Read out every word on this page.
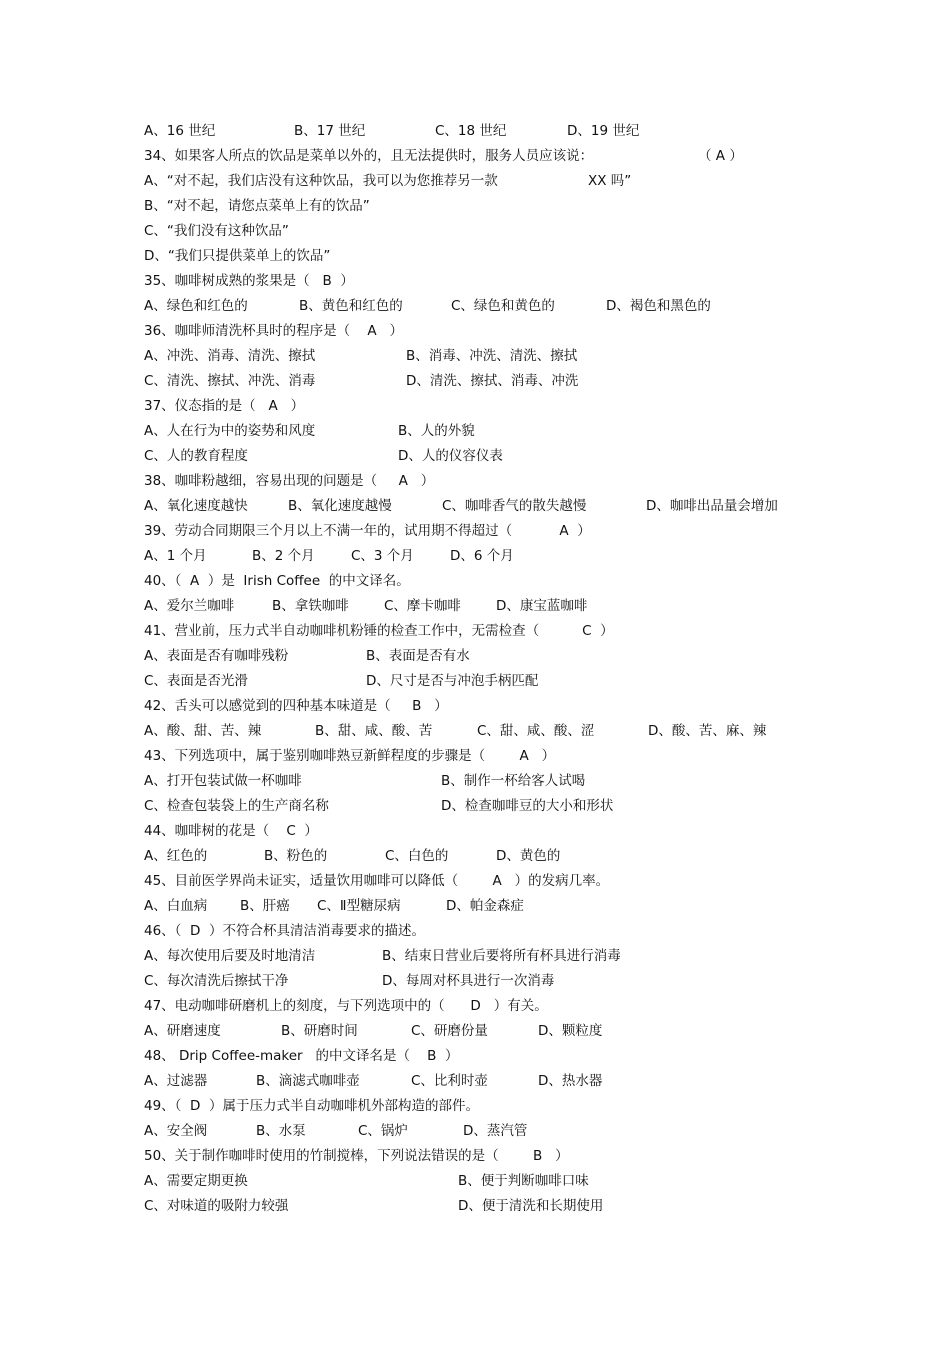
A、16 世纪	B、17 世纪	C、18 世纪	D、19 世纪
34、如果客人所点的饮品是菜单以外的，且无法提供时，服务人员应该说：	（ A ）
A、“对不起，我们店没有这种饮品，我可以为您推荐另一款	XX 吗”
B、“对不起，请您点菜单上有的饮品”
C、“我们没有这种饮品”
D、“我们只提供菜单上的饮品”
35、咖啡树成熟的浆果是（   B  ）
A、绿色和红色的	B、黄色和红色的	C、绿色和黄色的	D、褐色和黑色的
36、咖啡师清洗杯具时的程序是（    A   ）
A、冲洗、消毒、清洗、擦拭	B、消毒、冲洗、清洗、擦拭
C、清洗、擦拭、冲洗、消毒	D、清洗、擦拭、消毒、冲洗
37、仪态指的是（   A   ）
A、人在行为中的姿势和风度	B、人的外貌
C、人的教育程度	D、人的仪容仪表
38、咖啡粉越细，容易出现的问题是（     A   ）
A、氧化速度越快	B、氧化速度越慢	C、咖啡香气的散失越慢	D、咖啡出品量会增加
39、劳动合同期限三个月以上不满一年的，试用期不得超过（           A  ）
A、1 个月	B、2 个月	C、3 个月	D、6 个月
40、（  A  ）是  Irish Coffee  的中文译名。
A、爱尔兰咖啡	B、拿铁咖啡	C、摩卡咖啡	D、康宝蓝咖啡
41、营业前，压力式半自动咖啡机粉锤的检查工作中，无需检查（          C  ）
A、表面是否有咖啡残粉	B、表面是否有水
C、表面是否光滑	D、尺寸是否与冲泡手柄匹配
42、舌头可以感觉到的四种基本味道是（     B   ）
A、酸、甜、苦、辣	B、甜、咸、酸、苦	C、甜、咸、酸、涩	D、酸、苦、麻、辣
43、下列选项中，属于鉴别咖啡熟豆新鲜程度的步骤是（        A   ）
A、打开包装试做一杯咖啡	B、制作一杯给客人试喝
C、检查包装袋上的生产商名称	D、检查咖啡豆的大小和形状
44、咖啡树的花是（    C  ）
A、红色的	B、粉色的	C、白色的	D、黄色的
45、目前医学界尚未证实，适量饮用咖啡可以降低（        A   ）的发病几率。
A、白血病 B、肝癌 C、Ⅱ型糖尿病	D、帕金森症
46、（  D  ）不符合杯具清洁消毒要求的描述。
A、每次使用后要及时地清洁	B、结束日营业后要将所有杯具进行消毒
C、每次清洗后擦拭干净	D、每周对杯具进行一次消毒
47、电动咖啡研磨机上的刻度，与下列选项中的（      D   ）有关。
A、研磨速度	B、研磨时间	C、研磨份量	D、颗粒度
48、 Drip Coffee-maker   的中文译名是（    B  ）
A、过滤器	B、滴滤式咖啡壶	C、比利时壶	D、热水器
49、（  D  ）属于压力式半自动咖啡机外部构造的部件。
A、安全阀	B、水泵	C、锅炉	D、蒸汽管
50、关于制作咖啡时使用的竹制搅棒，下列说法错误的是（        B   ）
A、需要定期更换	B、便于判断咖啡口味
C、对味道的吸附力较强	D、便于清洗和长期使用
